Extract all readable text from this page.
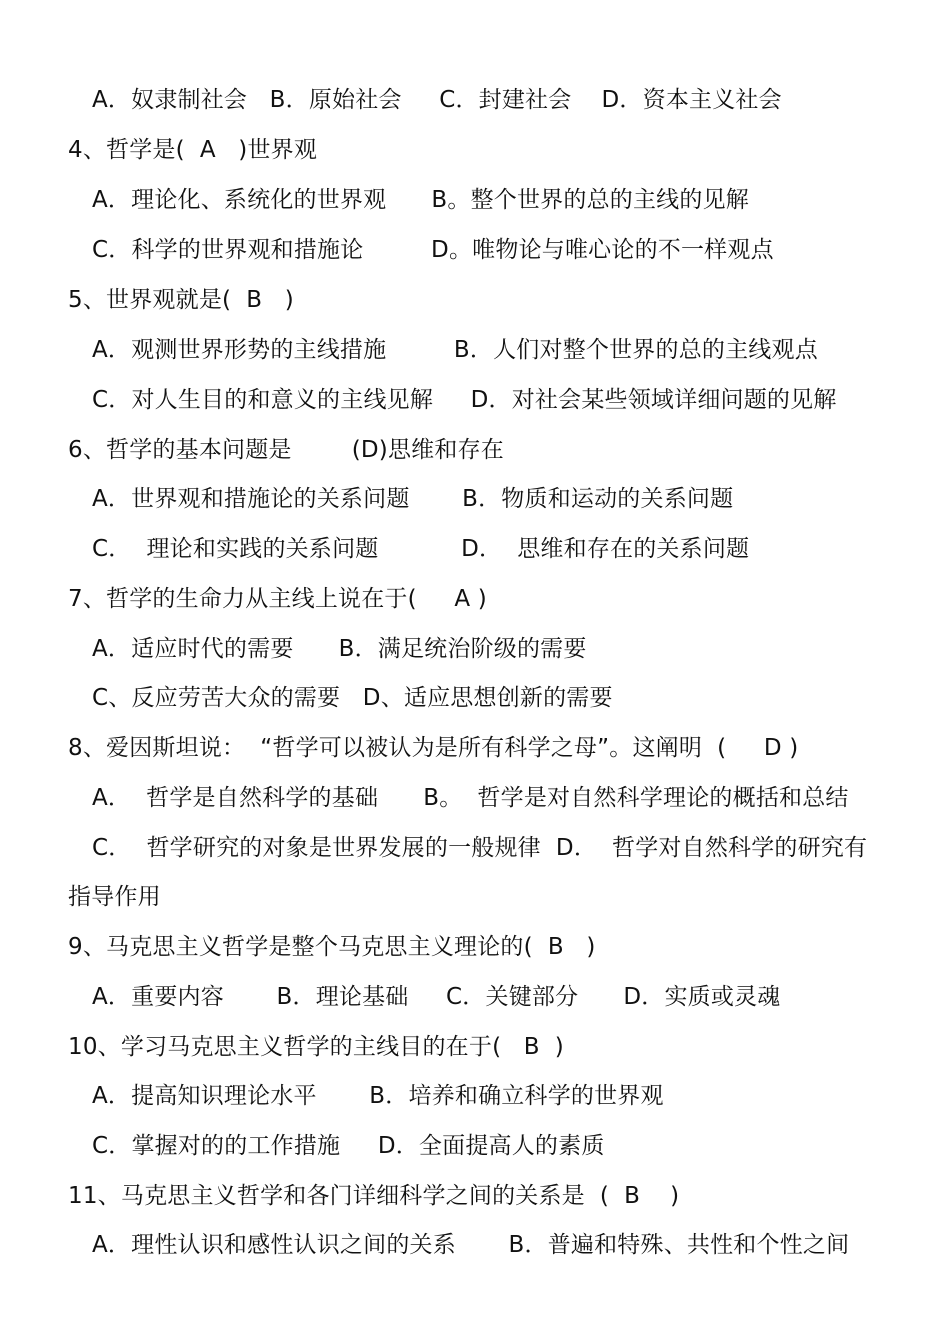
A．奴隶制社会   B．原始社会     C．封建社会    D．资本主义社会
4、哲学是(  A   )世界观
A．理论化、系统化的世界观      B。整个世界的总的主线的见解
C．科学的世界观和措施论         D。唯物论与唯心论的不一样观点
5、世界观就是(  B   )
A．观测世界形势的主线措施         B．人们对整个世界的总的主线观点
C．对人生目的和意义的主线见解     D．对社会某些领域详细问题的见解
6、哲学的基本问题是        (D)思维和存在
A．世界观和措施论的关系问题       B．物质和运动的关系问题
C．  理论和实践的关系问题           D．  思维和存在的关系问题
7、哲学的生命力从主线上说在于(     A )
A．适应时代的需要      B．满足统治阶级的需要
C、反应劳苦大众的需要   D、适应思想创新的需要
8、爱因斯坦说：  “哲学可以被认为是所有科学之母”。这阐明  (     D )
A．  哲学是自然科学的基础      B。  哲学是对自然科学理论的概括和总结
C．  哲学研究的对象是世界发展的一般规律  D．  哲学对自然科学的研究有
指导作用
9、马克思主义哲学是整个马克思主义理论的(  B   )
A．重要内容       B．理论基础     C．关键部分      D．实质或灵魂
10、学习马克思主义哲学的主线目的在于(   B  )
A．提高知识理论水平       B．培养和确立科学的世界观
C．掌握对的的工作措施     D．全面提高人的素质
11、马克思主义哲学和各门详细科学之间的关系是  (  B    )
A．理性认识和感性认识之间的关系       B．普遍和特殊、共性和个性之间
